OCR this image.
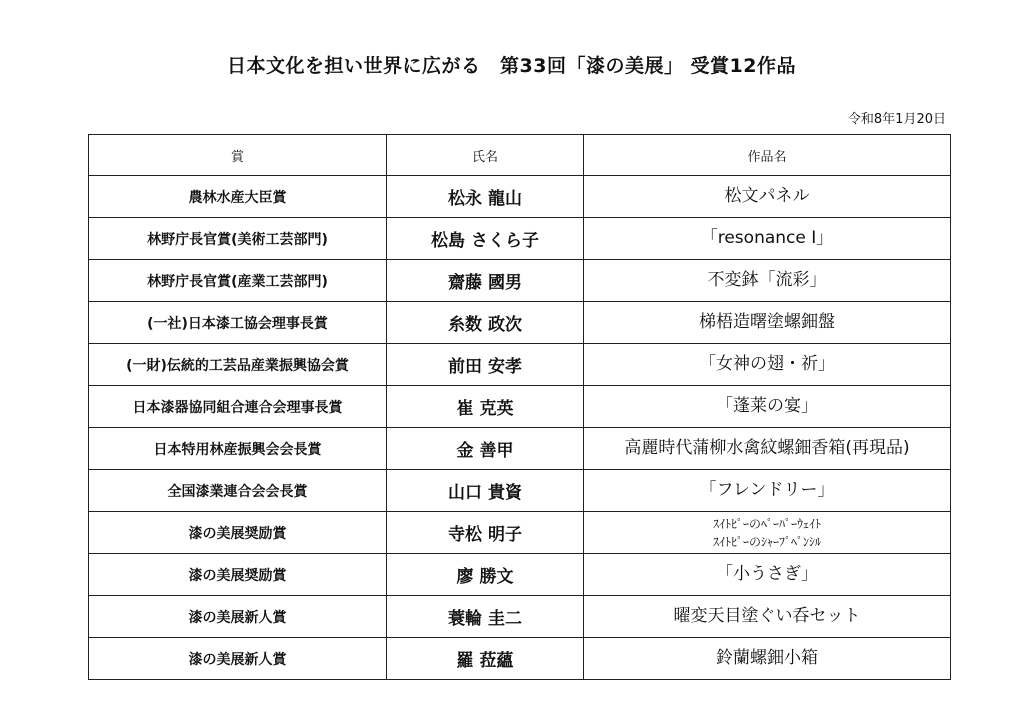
日本文化を担い世界に広がる　第33回「漆の美展」 受賞12作品
令和8年1月20日
賞	氏名	作品名
農林水産大臣賞	松永 龍山	松文パネル

林野庁長官賞(美術工芸部門)	松島 さくら子	「resonance Ⅰ」

林野庁長官賞(産業工芸部門)	齋藤 國男	不変鉢「流彩」

(一社)日本漆工協会理事長賞	糸数 政次	梯梧造曙塗螺鈿盤

(一財)伝統的工芸品産業振興協会賞	前田 安孝	「女神の翅・祈」

日本漆器協同組合連合会理事長賞	崔 克英	「蓬莱の宴」

日本特用林産振興会会長賞	金 善甲	高麗時代蒲柳水禽紋螺鈿香箱(再現品)

全国漆業連合会会長賞	山口 貴資	「フレンドリー」

漆の美展奨励賞	寺松 明子	ｽｲﾄﾋﾟｰのﾍﾟｰﾊﾟｰｳｪｲﾄ
ｽｲﾄﾋﾟｰのｼｬｰﾌﾟﾍﾟﾝｼﾙ

漆の美展奨励賞	廖 勝文	「小うさぎ」

漆の美展新人賞	蓑輪 圭二	曜変天目塗ぐい呑セット

漆の美展新人賞	羅 菈蘊	鈴蘭螺鈿小箱
